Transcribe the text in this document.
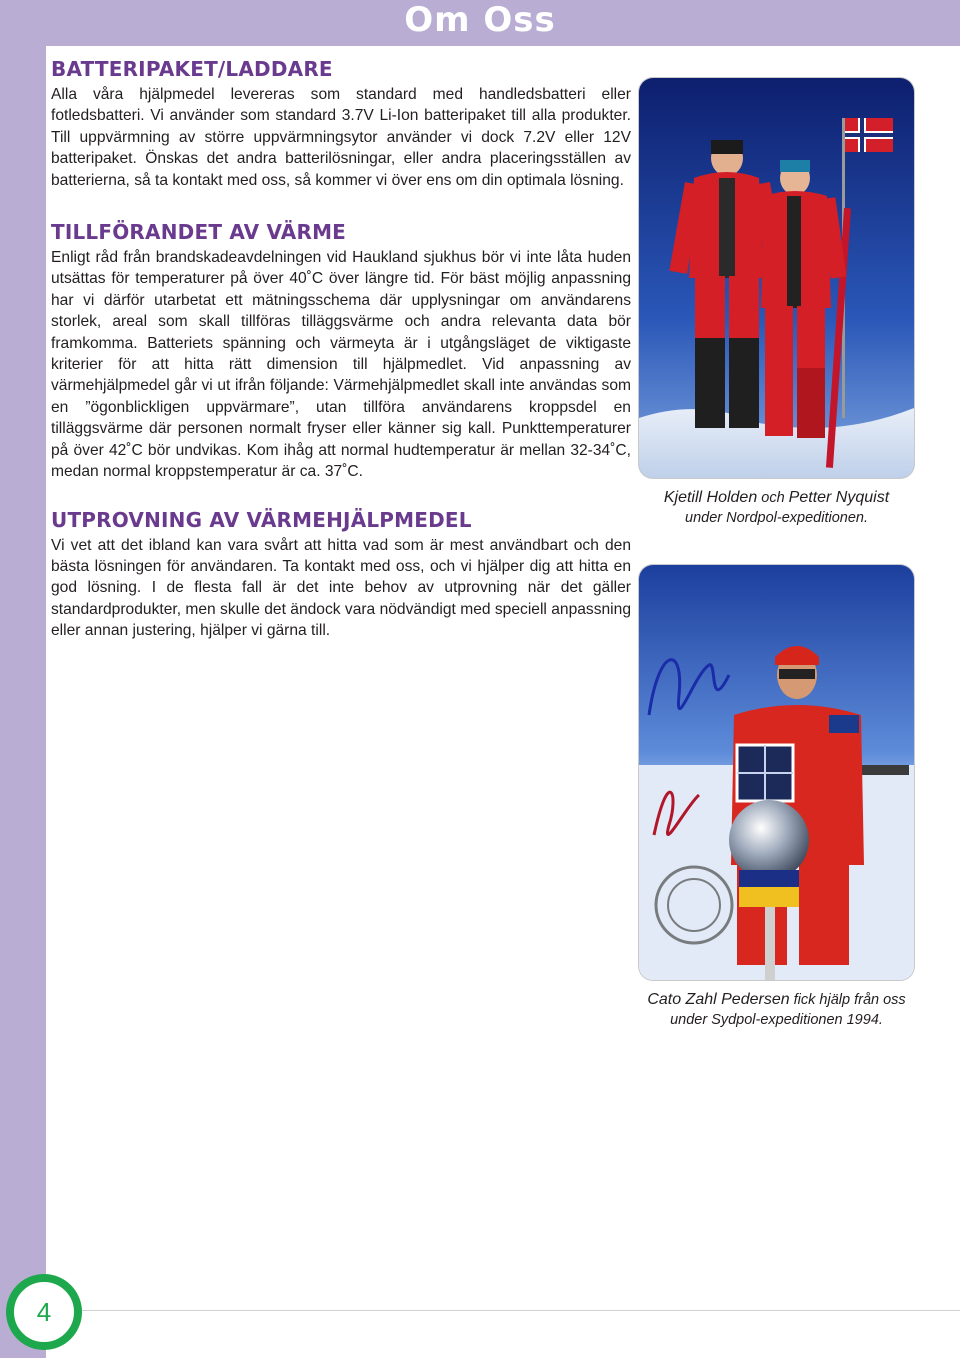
Om Oss
BATTERIPAKET/LADDARE

Alla våra hjälpmedel levereras som standard med handledsbatteri eller fotledsbatteri. Vi använder som standard 3.7V Li-Ion batteripaket till alla produkter. Till uppvärmning av större uppvärmningsytor använder vi dock 7.2V eller 12V batteripaket. Önskas det andra batterilösningar, eller andra placeringsställen av batterierna, så ta kontakt med oss, så kommer vi över ens om din optimala lösning.

TILLFÖRANDET AV VÄRME

Enligt råd från brandskadeavdelningen vid Haukland sjukhus bör vi inte låta huden utsättas för temperaturer på över 40˚C över längre tid. För bäst möjlig anpassning har vi därför utarbetat ett mätningsschema där upplysningar om användarens storlek, areal som skall tillföras tilläggsvärme och andra relevanta data bör framkomma. Batteriets spänning och värmeyta är i utgångsläget de viktigaste kriterier för att hitta rätt dimension till hjälpmedlet. Vid anpassning av värmehjälpmedel går vi ut ifrån följande: Värmehjälpmedlet skall inte användas som en ”ögonblickligen uppvärmare”, utan tillföra användarens kroppsdel en tilläggsvärme där personen normalt fryser eller känner sig kall. Punkttemperaturer på över 42˚C bör undvikas. Kom ihåg att normal hudtemperatur är mellan 32-34˚C, medan normal kroppstemperatur är ca. 37˚C.

UTPROVNING AV VÄRMEHJÄLPMEDEL

Vi vet att det ibland kan vara svårt att hitta vad som är mest användbart och den bästa lösningen för användaren. Ta kontakt med oss, och vi hjälper dig att hitta en god lösning. I de flesta fall är det inte behov av utprovning när det gäller standardprodukter, men skulle det ändock vara nödvändigt med speciell anpassning eller annan justering, hjälper vi gärna till.

Kjetill Holden och Petter Nyquist
under Nordpol-expeditionen.

Cato Zahl Pedersen fick hjälp från oss
under Sydpol-expeditionen 1994.

4
